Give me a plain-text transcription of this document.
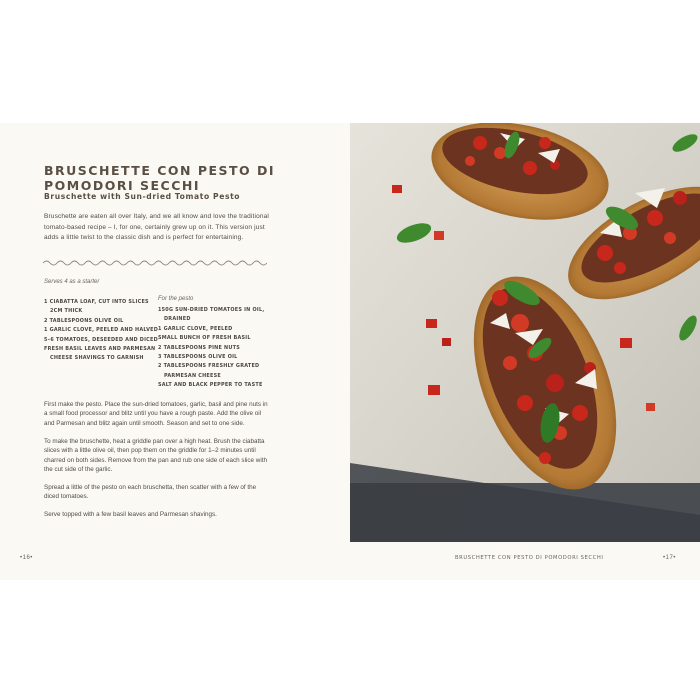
BRUSCHETTE CON PESTO DI POMODORI SECCHI
Bruschette with Sun-dried Tomato Pesto
Bruschette are eaten all over Italy, and we all know and love the traditional tomato-based recipe – I, for one, certainly grew up on it. This version just adds a little twist to the classic dish and is perfect for entertaining.
Serves 4 as a starter
1 CIABATTA LOAF, CUT INTO SLICES
2CM THICK
2 TABLESPOONS OLIVE OIL
1 GARLIC CLOVE, PEELED AND HALVED
5–6 TOMATOES, DESEEDED AND DICED
FRESH BASIL LEAVES AND PARMESAN
CHEESE SHAVINGS TO GARNISH
For the pesto
150G SUN-DRIED TOMATOES IN OIL,
DRAINED
1 GARLIC CLOVE, PEELED
SMALL BUNCH OF FRESH BASIL
2 TABLESPOONS PINE NUTS
3 TABLESPOONS OLIVE OIL
2 TABLESPOONS FRESHLY GRATED
PARMESAN CHEESE
SALT AND BLACK PEPPER TO TASTE

First make the pesto. Place the sun-dried tomatoes, garlic, basil and pine nuts in a small food processor and blitz until you have a rough paste. Add the olive oil and Parmesan and blitz again until smooth. Season and set to one side.

To make the bruschette, heat a griddle pan over a high heat. Brush the ciabatta slices with a little olive oil, then pop them on the griddle for 1–2 minutes until charred on both sides. Remove from the pan and rub one side of each slice with the cut side of the garlic.

Spread a little of the pesto on each bruschetta, then scatter with a few of the diced tomatoes.

Serve topped with a few basil leaves and Parmesan shavings.

•16•	BRUSCHETTE CON PESTO DI POMODORI SECCHI	•17•
